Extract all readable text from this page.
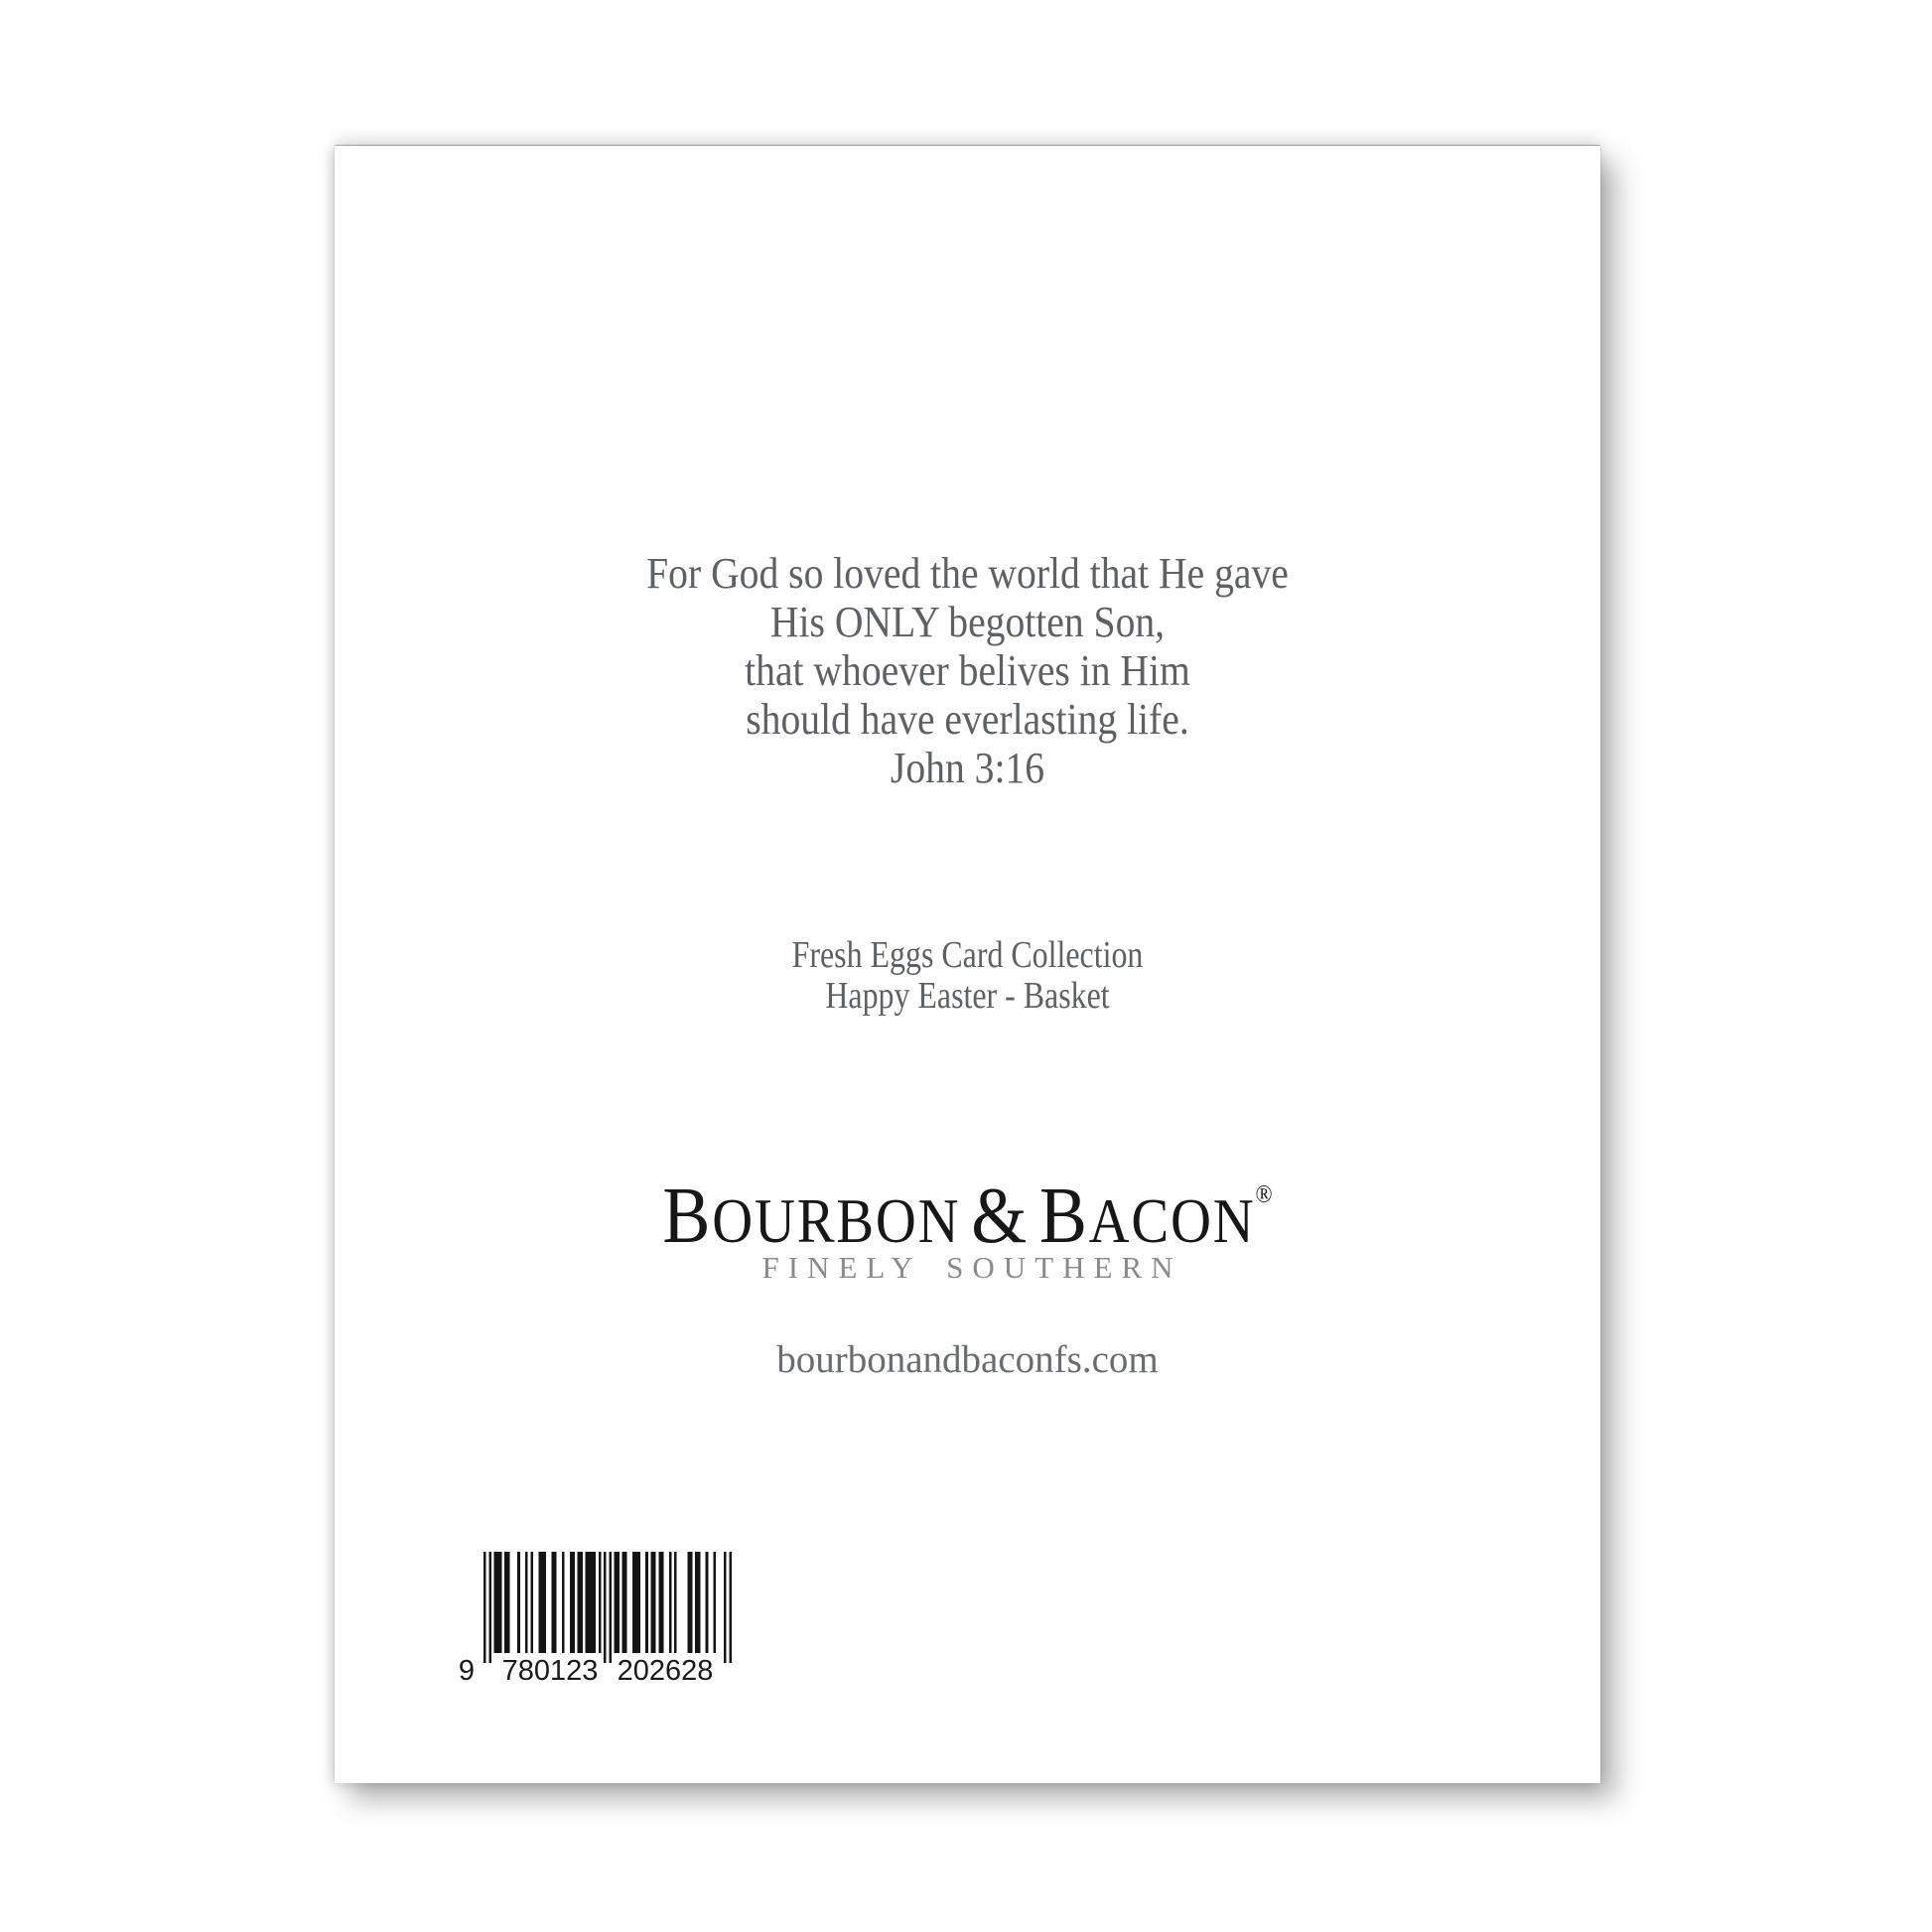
For God so loved the world that He gave
His ONLY begotten Son,
that whoever belives in Him
should have everlasting life.
John 3:16
Fresh Eggs Card Collection
Happy Easter - Basket
BOURBON & BACON®
FINELY SOUTHERN
bourbonandbaconfs.com
9 780123 202628
